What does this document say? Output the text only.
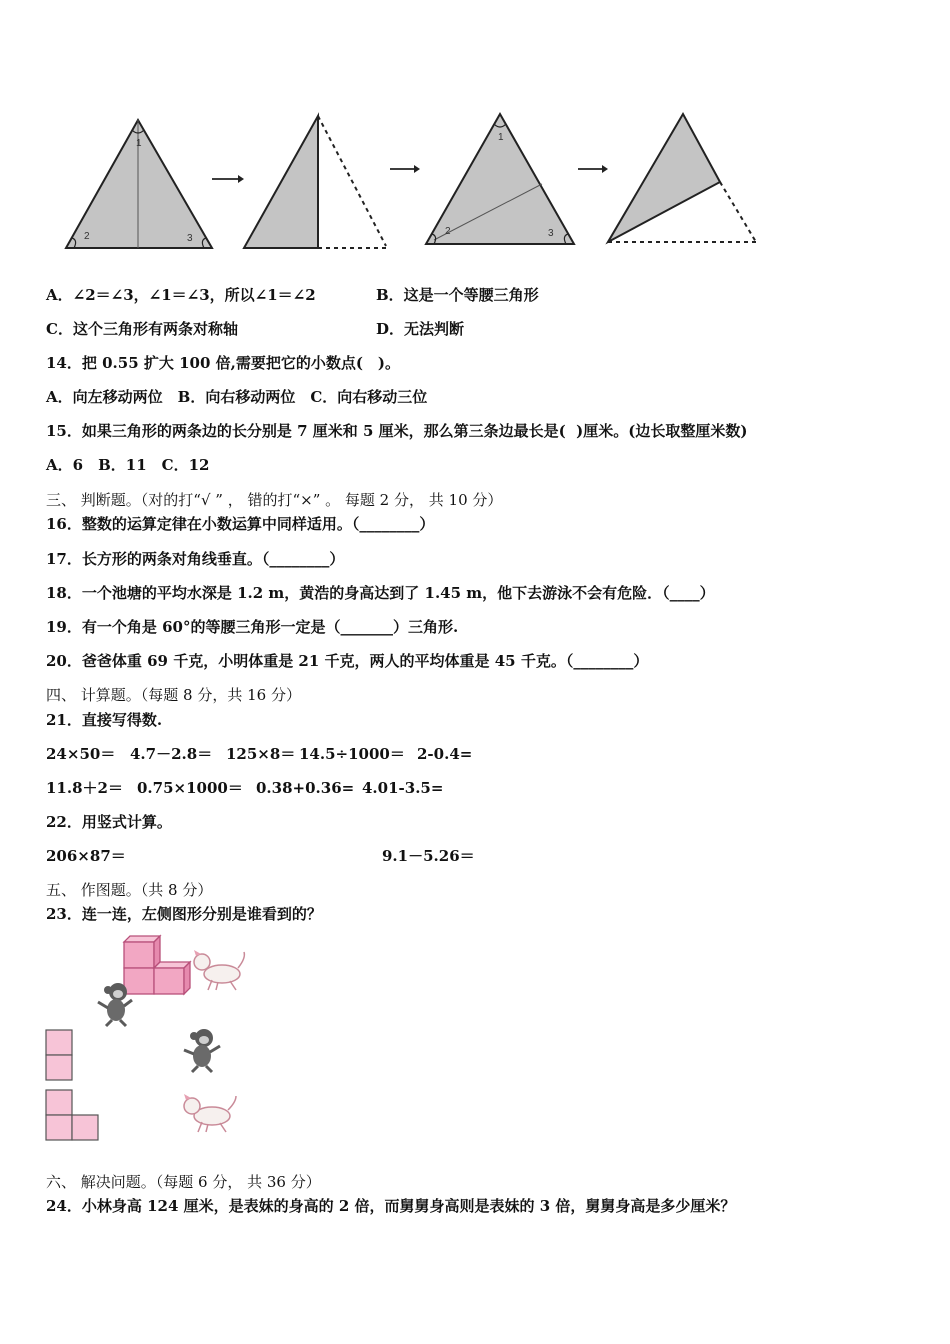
1
2	3
1
2	3
A．∠2＝∠3，∠1＝∠3，所以∠1＝∠2	B．这是一个等腰三角形
C．这个三角形有两条对称轴	D．无法判断
14．把 0.55 扩大 100 倍,需要把它的小数点(　)。
A．向左移动两位　B．向右移动两位　C．向右移动三位
15．如果三角形的两条边的长分别是 7 厘米和 5 厘米，那么第三条边最长是(  )厘米。(边长取整厘米数)
A．6　B．11　C．12
三、 判断题。（对的打“√ ” ， 错的打“×” 。 每题 2 分， 共 10 分）
16．整数的运算定律在小数运算中同样适用。（________）
17．长方形的两条对角线垂直。（________）
18．一个池塘的平均水深是 1.2 m，黄浩的身高达到了 1.45 m，他下去游泳不会有危险．（____）
19．有一个角是 60°的等腰三角形一定是（_______）三角形.
20．爸爸体重 69 千克，小明体重是 21 千克，两人的平均体重是 45 千克。（________）
四、 计算题。（每题 8 分，共 16 分）
21．直接写得数.
24×50＝ 4.7－2.8＝ 125×8＝ 14.5÷1000＝ 2-0.4=
11.8＋2＝ 0.75×1000＝ 0.38+0.36= 4.01-3.5=
22．用竖式计算。
206×87＝	9.1－5.26＝
五、 作图题。（共 8 分）
23．连一连，左侧图形分别是谁看到的？
六、 解决问题。（每题 6 分， 共 36 分）
24．小林身高 124 厘米，是表妹的身高的 2 倍，而舅舅身高则是表妹的 3 倍，舅舅身高是多少厘米？
